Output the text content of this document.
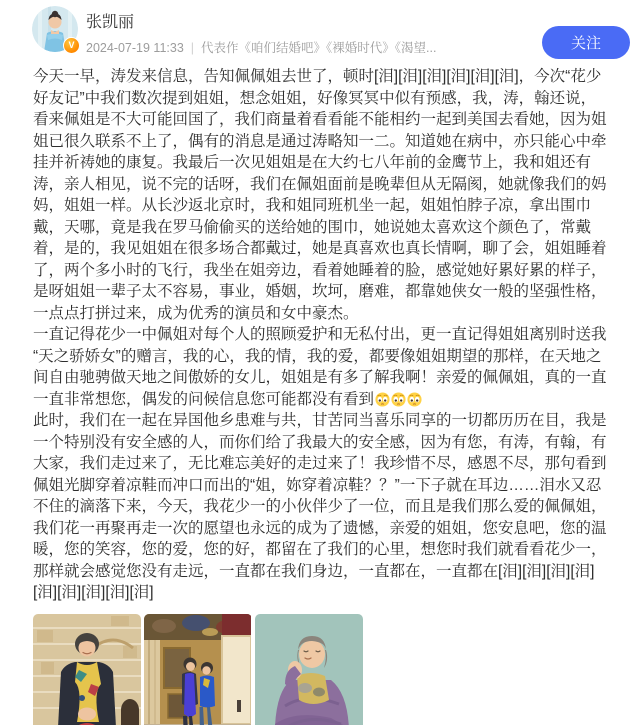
V
张凯丽
2024-07-19 11:33 | 代表作《咱们结婚吧》《裸婚时代》《渴望...	关注

今天一早，涛发来信息，告知佩佩姐去世了，顿时[泪][泪][泪][泪][泪][泪]，今次“花少好友记”中我们数次提到姐姐，想念姐姐，好像冥冥中似有预感，我，涛，翰还说，看来佩姐是不大可能回国了，我们商量着看看能不能相约一起到美国去看她，因为姐姐已很久联系不上了，偶有的消息是通过涛略知一二。知道她在病中，亦只能心中牵挂并祈祷她的康复。我最后一次见姐姐是在大约七八年前的金鹰节上，我和姐还有涛，亲人相见，说不完的话呀，我们在佩姐面前是晚辈但从无隔阂，她就像我们的妈妈，姐姐一样。从长沙返北京时，我和姐同班机坐一起，姐姐怕脖子凉，拿出围巾戴，天哪，竟是我在罗马偷偷买的送给她的围巾，她说她太喜欢这个颜色了，常戴着，是的，我见姐姐在很多场合都戴过，她是真喜欢也真长情啊，聊了会，姐姐睡着了，两个多小时的飞行，我坐在姐旁边，看着她睡着的脸，感觉她好累好累的样子，是呀姐姐一辈子太不容易，事业，婚姻，坎坷，磨难，都靠她侠女一般的坚强性格，一点点打拼过来，成为优秀的演员和女中豪杰。

一直记得花少一中佩姐对每个人的照顾爱护和无私付出，更一直记得姐姐离别时送我“天之骄娇女”的赠言，我的心，我的情，我的爱，都要像姐姐期望的那样，在天地之间自由驰骋做天地之间傲娇的女儿，姐姐是有多了解我啊！亲爱的佩佩姐，真的一直一直非常想您，偶发的问候信息您可能都没有看到

此时，我们在一起在异国他乡患难与共，甘苦同当喜乐同享的一切都历历在目，我是一个特别没有安全感的人，而你们给了我最大的安全感，因为有您，有涛，有翰，有大家，我们走过来了，无比难忘美好的走过来了！我珍惜不尽，感恩不尽，那句看到佩姐光脚穿着凉鞋而冲口而出的“姐，妳穿着凉鞋？？”一下子就在耳边……泪水又忍不住的滴落下来，今天，我花少一的小伙伴少了一位，而且是我们那么爱的佩佩姐，我们花一再聚再走一次的愿望也永远的成为了遗憾，亲爱的姐姐，您安息吧，您的温暖，您的笑容，您的爱，您的好，都留在了我们的心里，想您时我们就看看花少一，那样就会感觉您没有走远，一直都在我们身边，一直都在，一直都在[泪][泪][泪][泪][泪][泪][泪][泪][泪]
